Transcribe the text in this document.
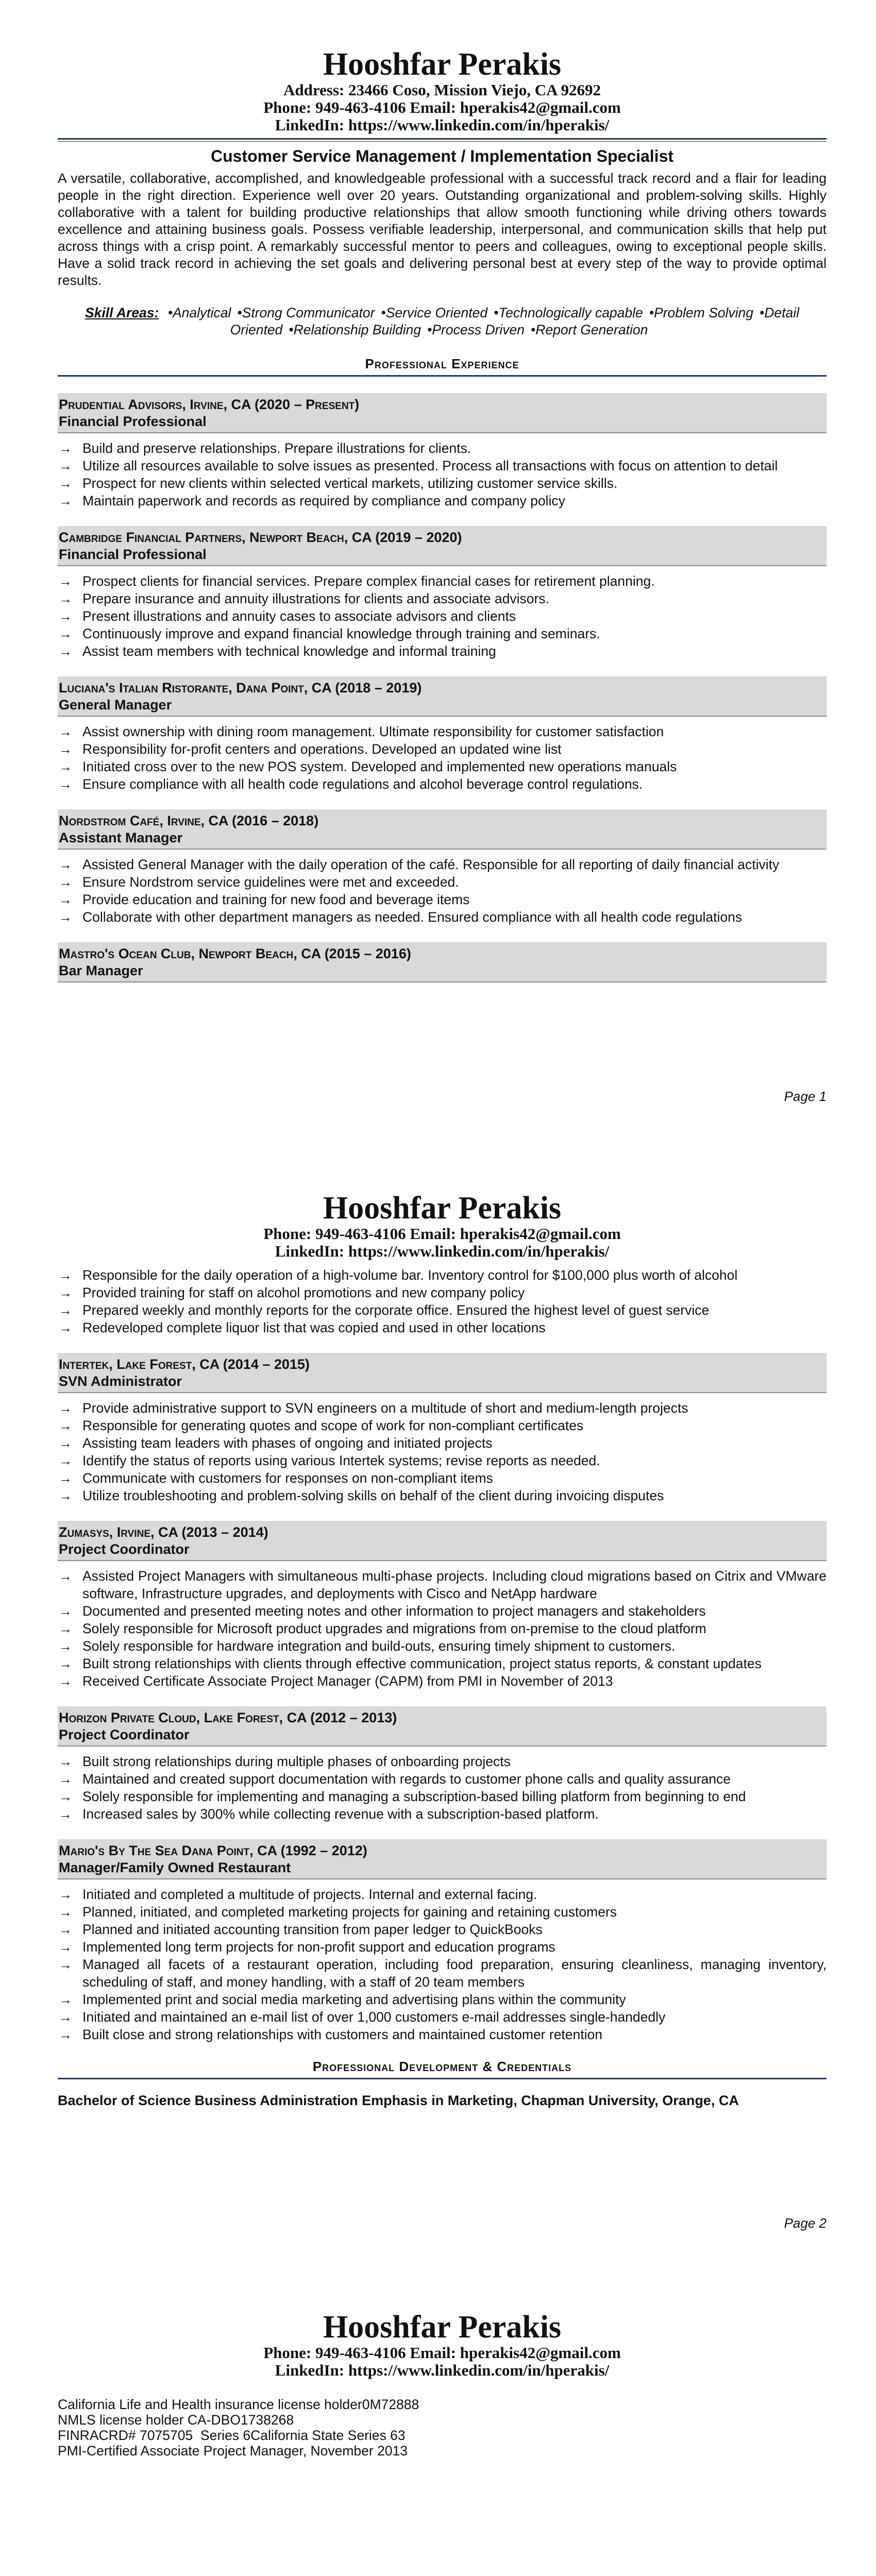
Hooshfar Perakis

Address: 23466 Coso, Mission Viejo, CA 92692

Phone: 949-463-4106 Email: hperakis42@gmail.com

LinkedIn: https://www.linkedin.com/in/hperakis/

Customer Service Management / Implementation Specialist

A versatile, collaborative, accomplished, and knowledgeable professional with a successful track record and a flair for leading people in the right direction. Experience well over 20 years. Outstanding organizational and problem-solving skills. Highly collaborative with a talent for building productive relationships that allow smooth functioning while driving others towards excellence and attaining business goals. Possess verifiable leadership, interpersonal, and communication skills that help put across things with a crisp point. A remarkably successful mentor to peers and colleagues, owing to exceptional people skills. Have a solid track record in achieving the set goals and delivering personal best at every step of the way to provide optimal results.

Skill Areas: •Analytical •Strong Communicator •Service Oriented •Technologically capable •Problem Solving •Detail Oriented •Relationship Building •Process Driven •Report Generation
Professional Experience
Prudential Advisors, Irvine, CA (2020 – Present)
Financial Professional
→ Build and preserve relationships. Prepare illustrations for clients.
→ Utilize all resources available to solve issues as presented. Process all transactions with focus on attention to detail
→ Prospect for new clients within selected vertical markets, utilizing customer service skills.
→ Maintain paperwork and records as required by compliance and company policy
Cambridge Financial Partners, Newport Beach, CA (2019 – 2020)
Financial Professional
→ Prospect clients for financial services. Prepare complex financial cases for retirement planning.
→ Prepare insurance and annuity illustrations for clients and associate advisors.
→ Present illustrations and annuity cases to associate advisors and clients
→ Continuously improve and expand financial knowledge through training and seminars.
→ Assist team members with technical knowledge and informal training
Luciana's Italian Ristorante, Dana Point, CA (2018 – 2019)
General Manager
→ Assist ownership with dining room management. Ultimate responsibility for customer satisfaction
→ Responsibility for-profit centers and operations. Developed an updated wine list
→ Initiated cross over to the new POS system. Developed and implemented new operations manuals
→ Ensure compliance with all health code regulations and alcohol beverage control regulations.
Nordstrom Café, Irvine, CA (2016 – 2018)
Assistant Manager
→ Assisted General Manager with the daily operation of the café. Responsible for all reporting of daily financial activity
→ Ensure Nordstrom service guidelines were met and exceeded.
→ Provide education and training for new food and beverage items
→ Collaborate with other department managers as needed. Ensured compliance with all health code regulations
Mastro's Ocean Club, Newport Beach, CA (2015 – 2016)
Bar Manager
Page 1
Hooshfar Perakis

Phone: 949-463-4106 Email: hperakis42@gmail.com

LinkedIn: https://www.linkedin.com/in/hperakis/

→ Responsible for the daily operation of a high-volume bar. Inventory control for $100,000 plus worth of alcohol
→ Provided training for staff on alcohol promotions and new company policy
→ Prepared weekly and monthly reports for the corporate office. Ensured the highest level of guest service
→ Redeveloped complete liquor list that was copied and used in other locations
Intertek, Lake Forest, CA (2014 – 2015)
SVN Administrator
→ Provide administrative support to SVN engineers on a multitude of short and medium-length projects
→ Responsible for generating quotes and scope of work for non-compliant certificates
→ Assisting team leaders with phases of ongoing and initiated projects
→ Identify the status of reports using various Intertek systems; revise reports as needed.
→ Communicate with customers for responses on non-compliant items
→ Utilize troubleshooting and problem-solving skills on behalf of the client during invoicing disputes
Zumasys, Irvine, CA (2013 – 2014)
Project Coordinator
→ Assisted Project Managers with simultaneous multi-phase projects. Including cloud migrations based on Citrix and VMware software, Infrastructure upgrades, and deployments with Cisco and NetApp hardware
→ Documented and presented meeting notes and other information to project managers and stakeholders
→ Solely responsible for Microsoft product upgrades and migrations from on-premise to the cloud platform
→ Solely responsible for hardware integration and build-outs, ensuring timely shipment to customers.
→ Built strong relationships with clients through effective communication, project status reports, & constant updates
→ Received Certificate Associate Project Manager (CAPM) from PMI in November of 2013
Horizon Private Cloud, Lake Forest, CA (2012 – 2013)
Project Coordinator
→ Built strong relationships during multiple phases of onboarding projects
→ Maintained and created support documentation with regards to customer phone calls and quality assurance
→ Solely responsible for implementing and managing a subscription-based billing platform from beginning to end
→ Increased sales by 300% while collecting revenue with a subscription-based platform.
Mario's By The Sea Dana Point, CA (1992 – 2012)
Manager/Family Owned Restaurant
→ Initiated and completed a multitude of projects. Internal and external facing.
→ Planned, initiated, and completed marketing projects for gaining and retaining customers
→ Planned and initiated accounting transition from paper ledger to QuickBooks
→ Implemented long term projects for non-profit support and education programs
→ Managed all facets of a restaurant operation, including food preparation, ensuring cleanliness, managing inventory, scheduling of staff, and money handling, with a staff of 20 team members
→ Implemented print and social media marketing and advertising plans within the community
→ Initiated and maintained an e-mail list of over 1,000 customers e-mail addresses single-handedly
→ Built close and strong relationships with customers and maintained customer retention
Professional Development & Credentials
Bachelor of Science Business Administration Emphasis in Marketing, Chapman University, Orange, CA
Page 2
Hooshfar Perakis

Phone: 949-463-4106 Email: hperakis42@gmail.com

LinkedIn: https://www.linkedin.com/in/hperakis/

California Life and Health insurance license holder0M72888
NMLS license holder CA-DBO1738268
FINRACRD# 7075705  Series 6California State Series 63
PMI-Certified Associate Project Manager, November 2013
